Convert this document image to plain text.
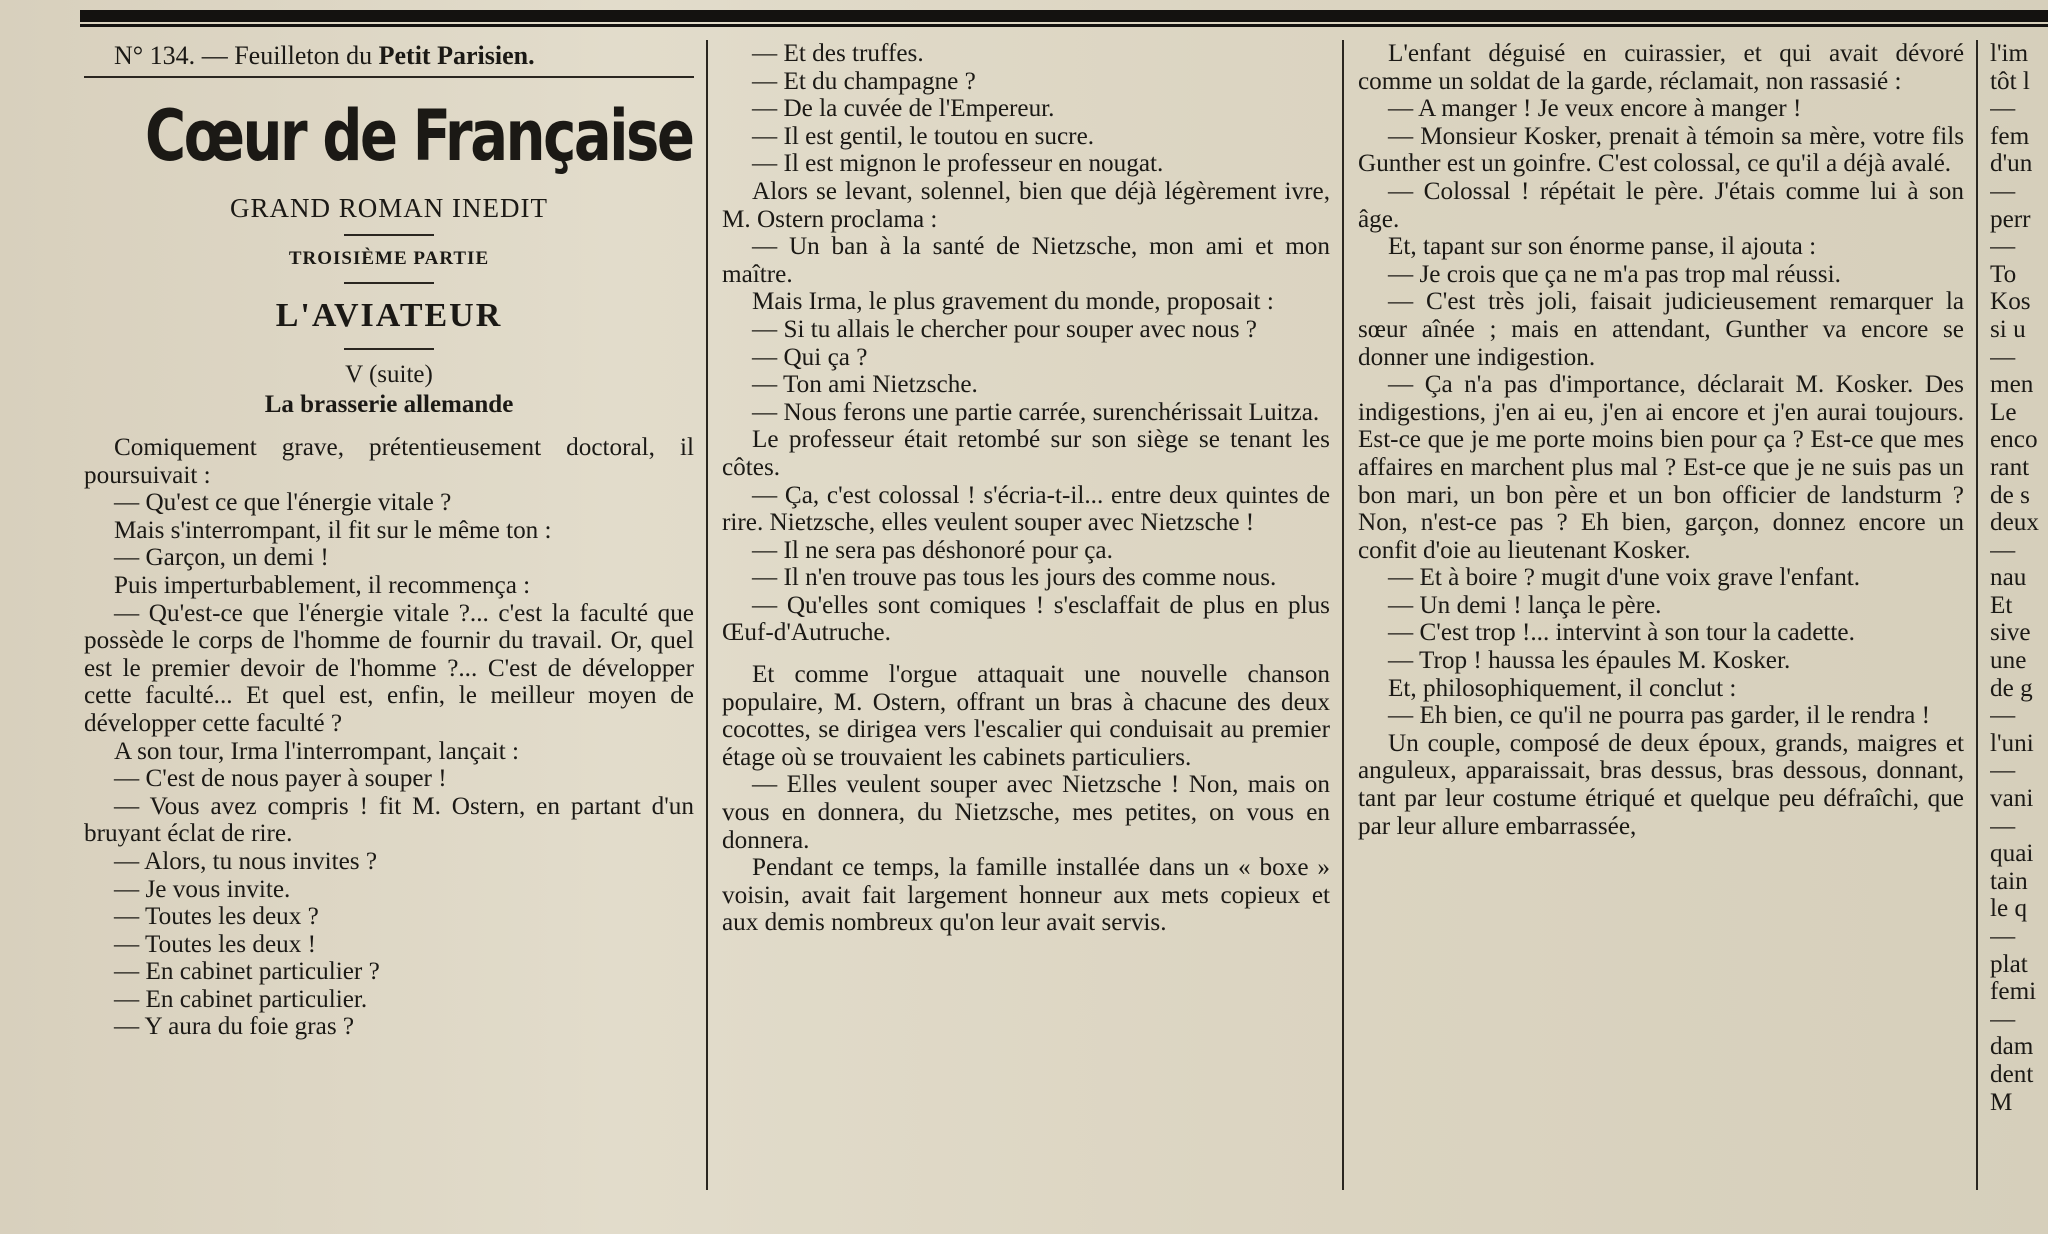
N° 134. — Feuilleton du Petit Parisien.

Cœur de Française
GRAND ROMAN INEDIT
TROISIÈME PARTIE
L'AVIATEUR
V (suite)
La brasserie allemande

Comiquement grave, prétentieusement doctoral, il poursuivait :

— Qu'est ce que l'énergie vitale ?

Mais s'interrompant, il fit sur le même ton :

— Garçon, un demi !

Puis imperturbablement, il recommença :

— Qu'est-ce que l'énergie vitale ?... c'est la faculté que possède le corps de l'homme de fournir du travail. Or, quel est le premier devoir de l'homme ?... C'est de développer cette faculté... Et quel est, enfin, le meilleur moyen de développer cette faculté ?

A son tour, Irma l'interrompant, lançait :

— C'est de nous payer à souper !

— Vous avez compris ! fit M. Ostern, en partant d'un bruyant éclat de rire.

— Alors, tu nous invites ?

— Je vous invite.

— Toutes les deux ?

— Toutes les deux !

— En cabinet particulier ?

— En cabinet particulier.

— Y aura du foie gras ?

— Et des truffes.

— Et du champagne ?

— De la cuvée de l'Empereur.

— Il est gentil, le toutou en sucre.

— Il est mignon le professeur en nougat.

Alors se levant, solennel, bien que déjà légèrement ivre, M. Ostern proclama :

— Un ban à la santé de Nietzsche, mon ami et mon maître.

Mais Irma, le plus gravement du monde, proposait :

— Si tu allais le chercher pour souper avec nous ?

— Qui ça ?

— Ton ami Nietzsche.

— Nous ferons une partie carrée, surenchérissait Luitza.

Le professeur était retombé sur son siège se tenant les côtes.

— Ça, c'est colossal ! s'écria-t-il... entre deux quintes de rire. Nietzsche, elles veulent souper avec Nietzsche !

— Il ne sera pas déshonoré pour ça.

— Il n'en trouve pas tous les jours des comme nous.

— Qu'elles sont comiques ! s'esclaffait de plus en plus Œuf-d'Autruche.

Et comme l'orgue attaquait une nouvelle chanson populaire, M. Ostern, offrant un bras à chacune des deux cocottes, se dirigea vers l'escalier qui conduisait au premier étage où se trouvaient les cabinets particuliers.

— Elles veulent souper avec Nietzsche ! Non, mais on vous en donnera, du Nietzsche, mes petites, on vous en donnera.

Pendant ce temps, la famille installée dans un « boxe » voisin, avait fait largement honneur aux mets copieux et aux demis nombreux qu'on leur avait servis.

L'enfant déguisé en cuirassier, et qui avait dévoré comme un soldat de la garde, réclamait, non rassasié :

— A manger ! Je veux encore à manger !

— Monsieur Kosker, prenait à témoin sa mère, votre fils Gunther est un goinfre. C'est colossal, ce qu'il a déjà avalé.

— Colossal ! répétait le père. J'étais comme lui à son âge.

Et, tapant sur son énorme panse, il ajouta :

— Je crois que ça ne m'a pas trop mal réussi.

— C'est très joli, faisait judicieusement remarquer la sœur aînée ; mais en attendant, Gunther va encore se donner une indigestion.

— Ça n'a pas d'importance, déclarait M. Kosker. Des indigestions, j'en ai eu, j'en ai encore et j'en aurai toujours. Est-ce que je me porte moins bien pour ça ? Est-ce que mes affaires en marchent plus mal ? Est-ce que je ne suis pas un bon mari, un bon père et un bon officier de landsturm ? Non, n'est-ce pas ? Eh bien, garçon, donnez encore un confit d'oie au lieutenant Kosker.

— Et à boire ? mugit d'une voix grave l'enfant.

— Un demi ! lança le père.

— C'est trop !... intervint à son tour la cadette.

— Trop ! haussa les épaules M. Kosker.

Et, philosophiquement, il conclut :

— Eh bien, ce qu'il ne pourra pas garder, il le rendra !

Un couple, composé de deux époux, grands, maigres et anguleux, apparaissait, bras dessus, bras dessous, donnant, tant par leur costume étriqué et quelque peu défraîchi, que par leur allure embarrassée,

l'im

tôt l

—

fem

d'un

—

perr

—

To

Kos

si u

—

men

Le

enco

rant

de s

deux

—

nau

Et

sive

une

de g

—

l'uni

—

vani

—

quai

tain

le q

—

plat

femi

—

dam

dent

M
